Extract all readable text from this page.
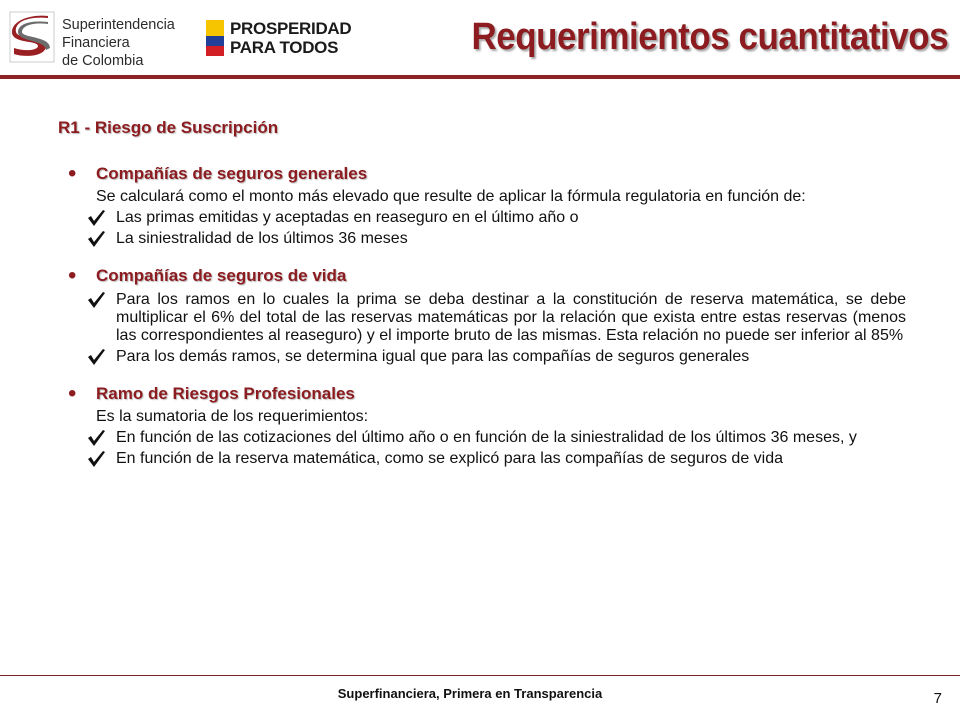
Superintendencia
Financiera
de Colombia
PROSPERIDAD
PARA TODOS	Requerimientos cuantitativos
R1 - Riesgo de Suscripción
• Compañías de seguros generales
Se calculará como el monto más elevado que resulte de aplicar la fórmula regulatoria en función de:
Las primas emitidas y aceptadas en reaseguro en el último año o
La siniestralidad de los últimos 36 meses
• Compañías de seguros de vida
Para los ramos en lo cuales la prima se deba destinar a la constitución de reserva matemática, se debe multiplicar el 6% del total de las reservas matemáticas por la relación que exista entre estas reservas (menos las correspondientes al reaseguro) y el importe bruto de las mismas. Esta relación no puede ser inferior al 85%
Para los demás ramos, se determina igual que para las compañías de seguros generales
• Ramo de Riesgos Profesionales
Es la sumatoria de los requerimientos:
En función de las cotizaciones del último año o en función de la siniestralidad de los últimos 36 meses, y
En función de la reserva matemática, como se explicó para las compañías de seguros de vida
Superfinanciera, Primera en Transparencia	7
